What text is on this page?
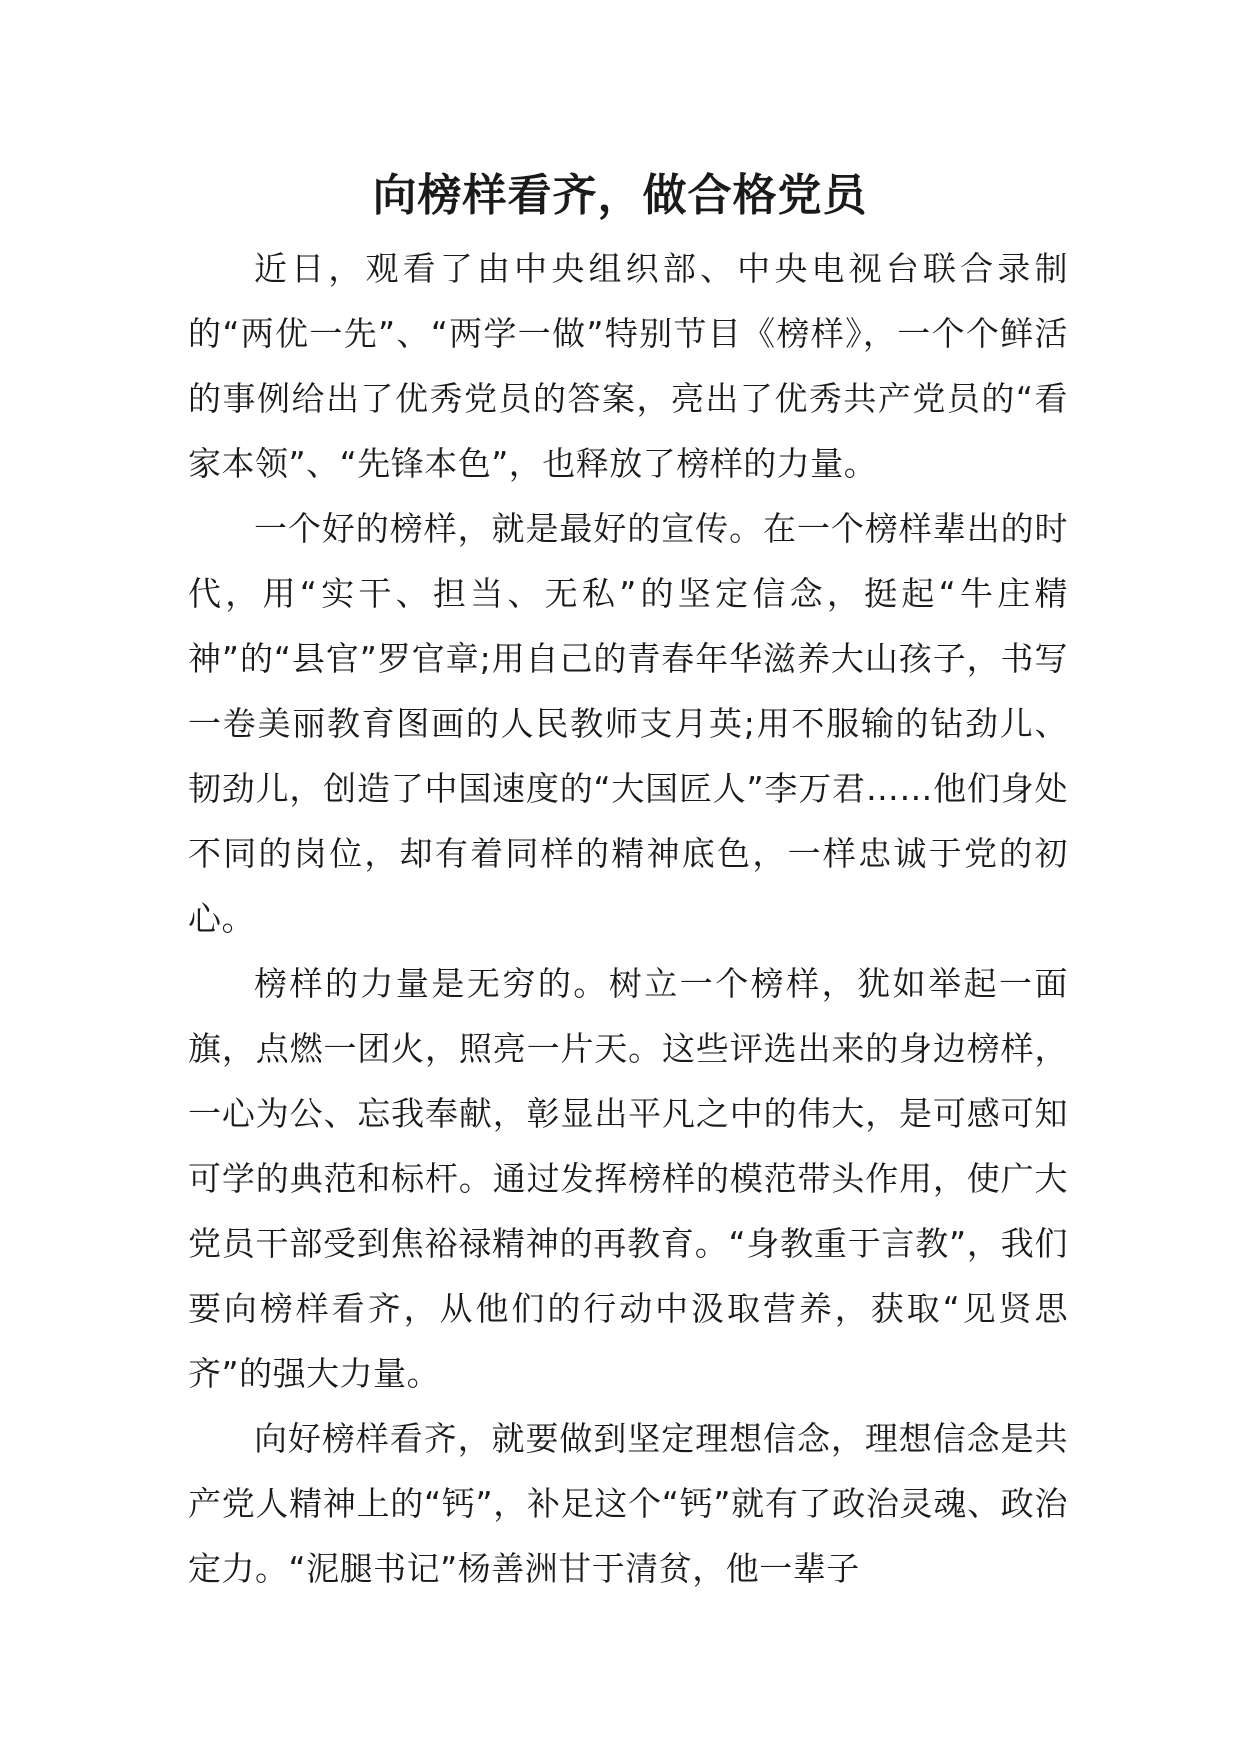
向榜样看齐，做合格党员

近日，观看了由中央组织部、中央电视台联合录制的“两优一先”、“两学一做”特别节目《榜样》，一个个鲜活的事例给出了优秀党员的答案，亮出了优秀共产党员的“看家本领”、“先锋本色”，也释放了榜样的力量。

一个好的榜样，就是最好的宣传。在一个榜样辈出的时代，用“实干、担当、无私”的坚定信念，挺起“牛庄精神”的“县官”罗官章;用自己的青春年华滋养大山孩子，书写一卷美丽教育图画的人民教师支月英;用不服输的钻劲儿、韧劲儿，创造了中国速度的“大国匠人”李万君……他们身处不同的岗位，却有着同样的精神底色，一样忠诚于党的初心。

榜样的力量是无穷的。树立一个榜样，犹如举起一面旗，点燃一团火，照亮一片天。这些评选出来的身边榜样，一心为公、忘我奉献，彰显出平凡之中的伟大，是可感可知可学的典范和标杆。通过发挥榜样的模范带头作用，使广大党员干部受到焦裕禄精神的再教育。“身教重于言教”，我们要向榜样看齐，从他们的行动中汲取营养，获取“见贤思齐”的强大力量。

向好榜样看齐，就要做到坚定理想信念，理想信念是共产党人精神上的“钙”，补足这个“钙”就有了政治灵魂、政治定力。“泥腿书记”杨善洲甘于清贫，他一辈子
